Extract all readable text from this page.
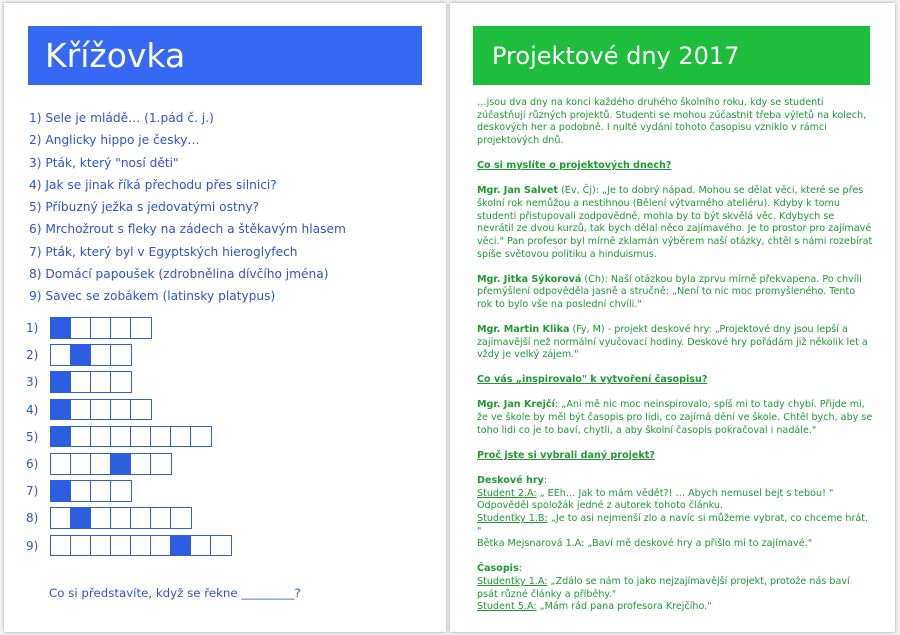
Křížovka
1) Sele je mládě… (1.pád č. j.)
2) Anglicky hippo je česky…
3) Pták, který "nosí děti"
4) Jak se jinak říká přechodu přes silnici?
5) Příbuzný ježka s jedovatými ostny?
6) Mrchožrout s fleky na zádech a štěkavým hlasem
7) Pták, který byl v Egyptských hieroglyfech
8) Domácí papoušek (zdrobnělina dívčího jména)
9) Savec se zobákem (latinsky platypus)
1)
2)
3)
4)
5)
6)
7)
8)
9)
Co si představíte, když se řekne _________?
Projektové dny 2017

…jsou dva dny na konci každého druhého školního roku, kdy se studenti zúčastňují různých projektů. Studenti se mohou zúčastnit třeba výletů na kolech, deskových her a podobně. I nulté vydání tohoto časopisu vzniklo v rámci projektových dnů.

Co si myslíte o projektových dnech?

Mgr. Jan Salvet (Ev, Čj): „Je to dobrý nápad. Mohou se dělat věci, které se přes školní rok nemůžou a nestihnou (Bělení výtvarného ateliéru). Kdyby k tomu studenti přistupovali zodpovědně, mohla by to být skvělá věc. Kdybych se nevrátil ze dvou kurzů, tak bych dělal něco zajímavého. Je to prostor pro zajímavé věci." Pan profesor byl mírně zklamán výběrem naší otázky, chtěl s námi rozebírat spíše světovou politiku a hinduismus.

Mgr. Jitka Sýkorová (Ch): Naší otázkou byla zprvu mírně překvapena. Po chvíli přemýšlení odpověděla jasně a stručně: „Není to nic moc promyšleného. Tento rok to bylo vše na poslední chvíli."

Mgr. Martin Klika (Fy, M) - projekt deskové hry: „Projektové dny jsou lepší a zajímavější než normální vyučovací hodiny. Deskové hry pořádám již několik let a vždy je velký zájem."

Co vás „inspirovalo" k vytvoření časopisu?

Mgr. Jan Krejčí: „Ani mě nic moc neinspirovalo, spíš mi to tady chybí. Přijde mi, že ve škole by měl být časopis pro lidi, co zajímá dění ve škole. Chtěl bych, aby se toho lidi co je to baví, chytli, a aby školní časopis pokračoval i nadále."

Proč jste si vybrali daný projekt?

Deskové hry:
Student 2.A: „ EEh… Jak to mám vědět?! … Abych nemusel bejt s tebou! " Odpověděl spoložák jedné z autorek tohoto článku.
Studentky 1.B: „Je to asi nejmenší zlo a navíc si můžeme vybrat, co chceme hrát. "
Bětka Mejsnarová 1.A: „Baví mě deskové hry a přišlo mi to zajímavé."

Časopis:
Studentky 1.A: „Zdálo se nám to jako nejzajímavější projekt, protože nás baví psát různé články a příběhy."
Student 5.A: „Mám rád pana profesora Krejčího."
